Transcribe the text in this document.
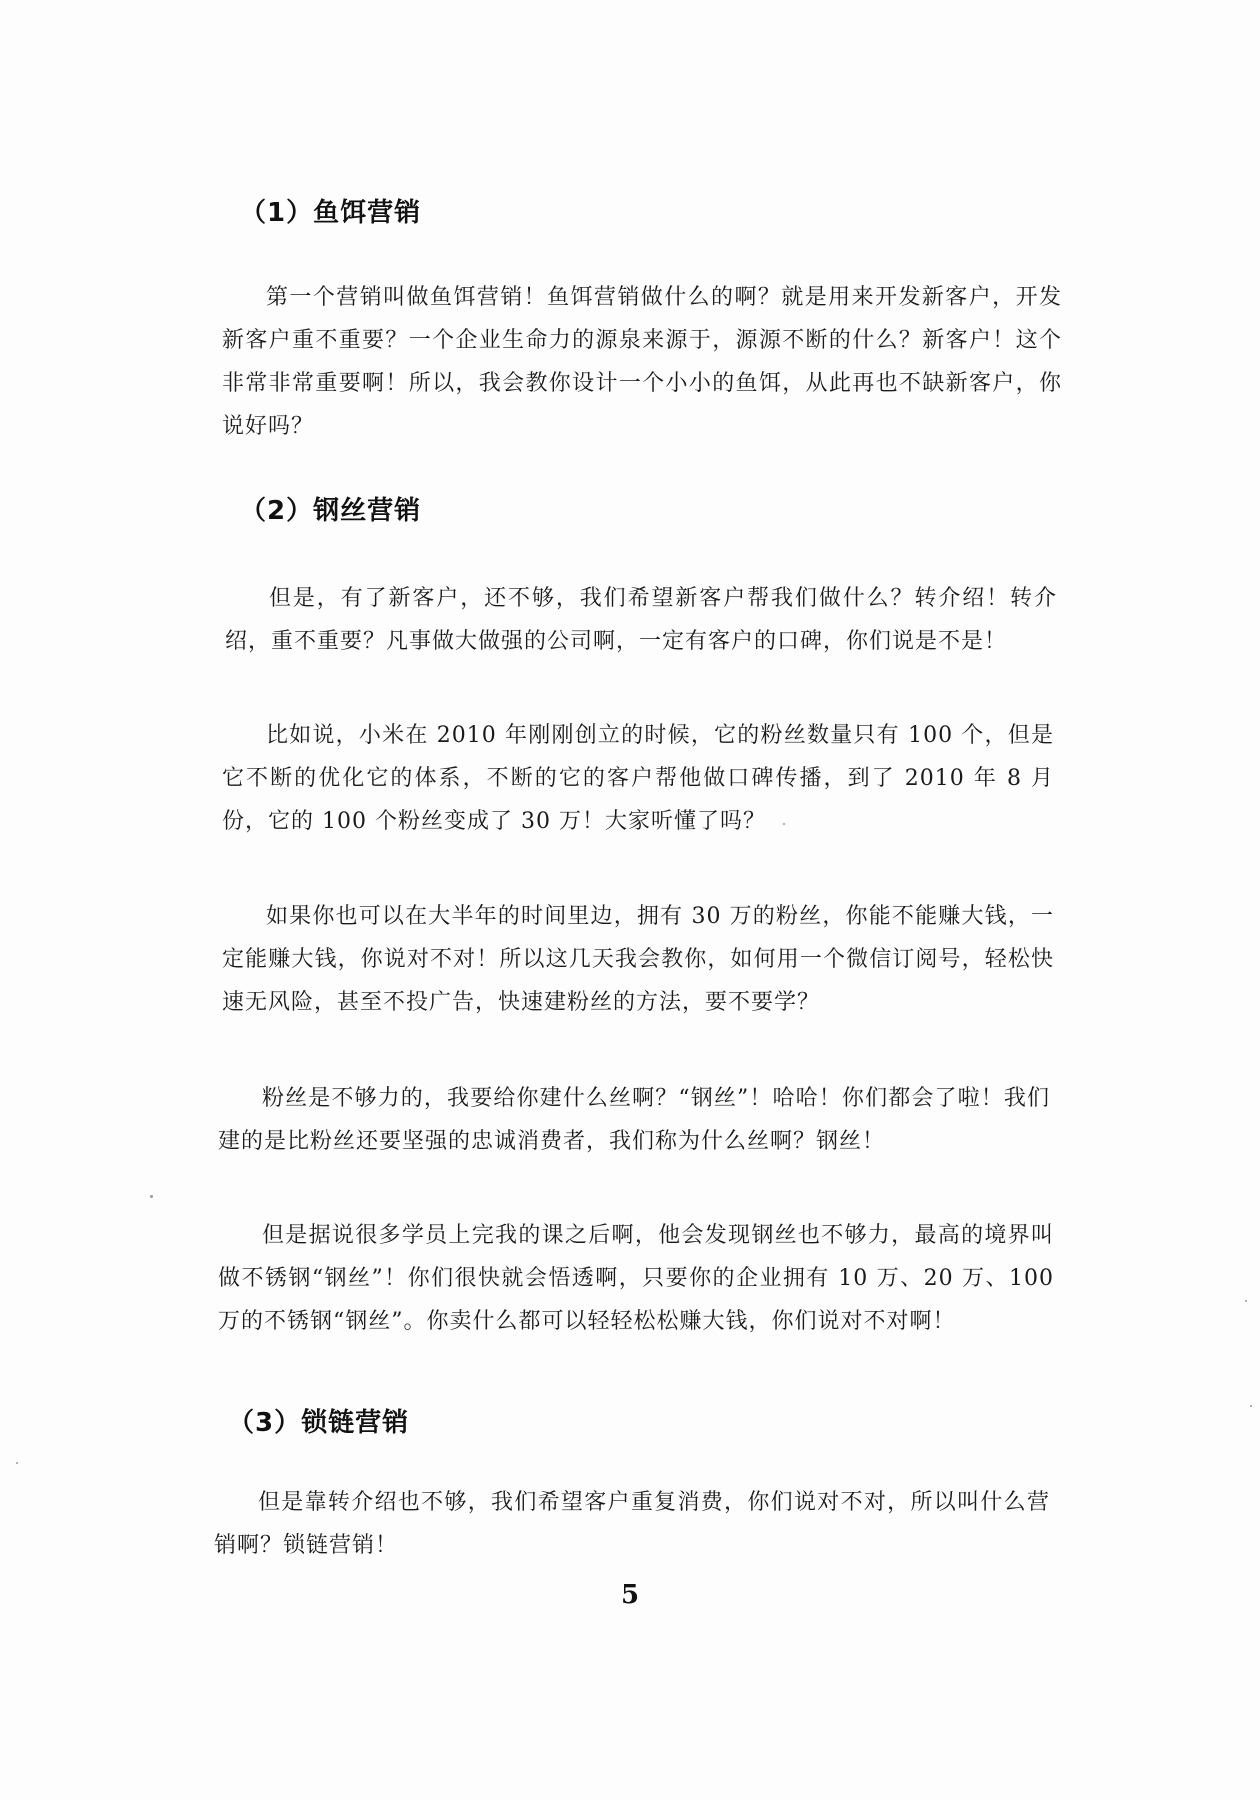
（1）鱼饵营销
第一个营销叫做鱼饵营销！鱼饵营销做什么的啊？就是用来开发新客户，开发新客户重不重要？一个企业生命力的源泉来源于，源源不断的什么？新客户！这个非常非常重要啊！所以，我会教你设计一个小小的鱼饵，从此再也不缺新客户，你说好吗？
（2）钢丝营销
但是，有了新客户，还不够，我们希望新客户帮我们做什么？转介绍！转介绍，重不重要？凡事做大做强的公司啊，一定有客户的口碑，你们说是不是！
比如说，小米在 2010 年刚刚创立的时候，它的粉丝数量只有 100 个，但是它不断的优化它的体系，不断的它的客户帮他做口碑传播，到了 2010 年 8 月份，它的 100 个粉丝变成了 30 万！大家听懂了吗？
如果你也可以在大半年的时间里边，拥有 30 万的粉丝，你能不能赚大钱，一定能赚大钱，你说对不对！所以这几天我会教你，如何用一个微信订阅号，轻松快速无风险，甚至不投广告，快速建粉丝的方法，要不要学？
粉丝是不够力的，我要给你建什么丝啊？“钢丝”！哈哈！你们都会了啦！我们建的是比粉丝还要坚强的忠诚消费者，我们称为什么丝啊？钢丝！
但是据说很多学员上完我的课之后啊，他会发现钢丝也不够力，最高的境界叫做不锈钢“钢丝”！你们很快就会悟透啊，只要你的企业拥有 10 万、20 万、100 万的不锈钢“钢丝”。你卖什么都可以轻轻松松赚大钱，你们说对不对啊！
（3）锁链营销
但是靠转介绍也不够，我们希望客户重复消费，你们说对不对，所以叫什么营销啊？锁链营销！
5
